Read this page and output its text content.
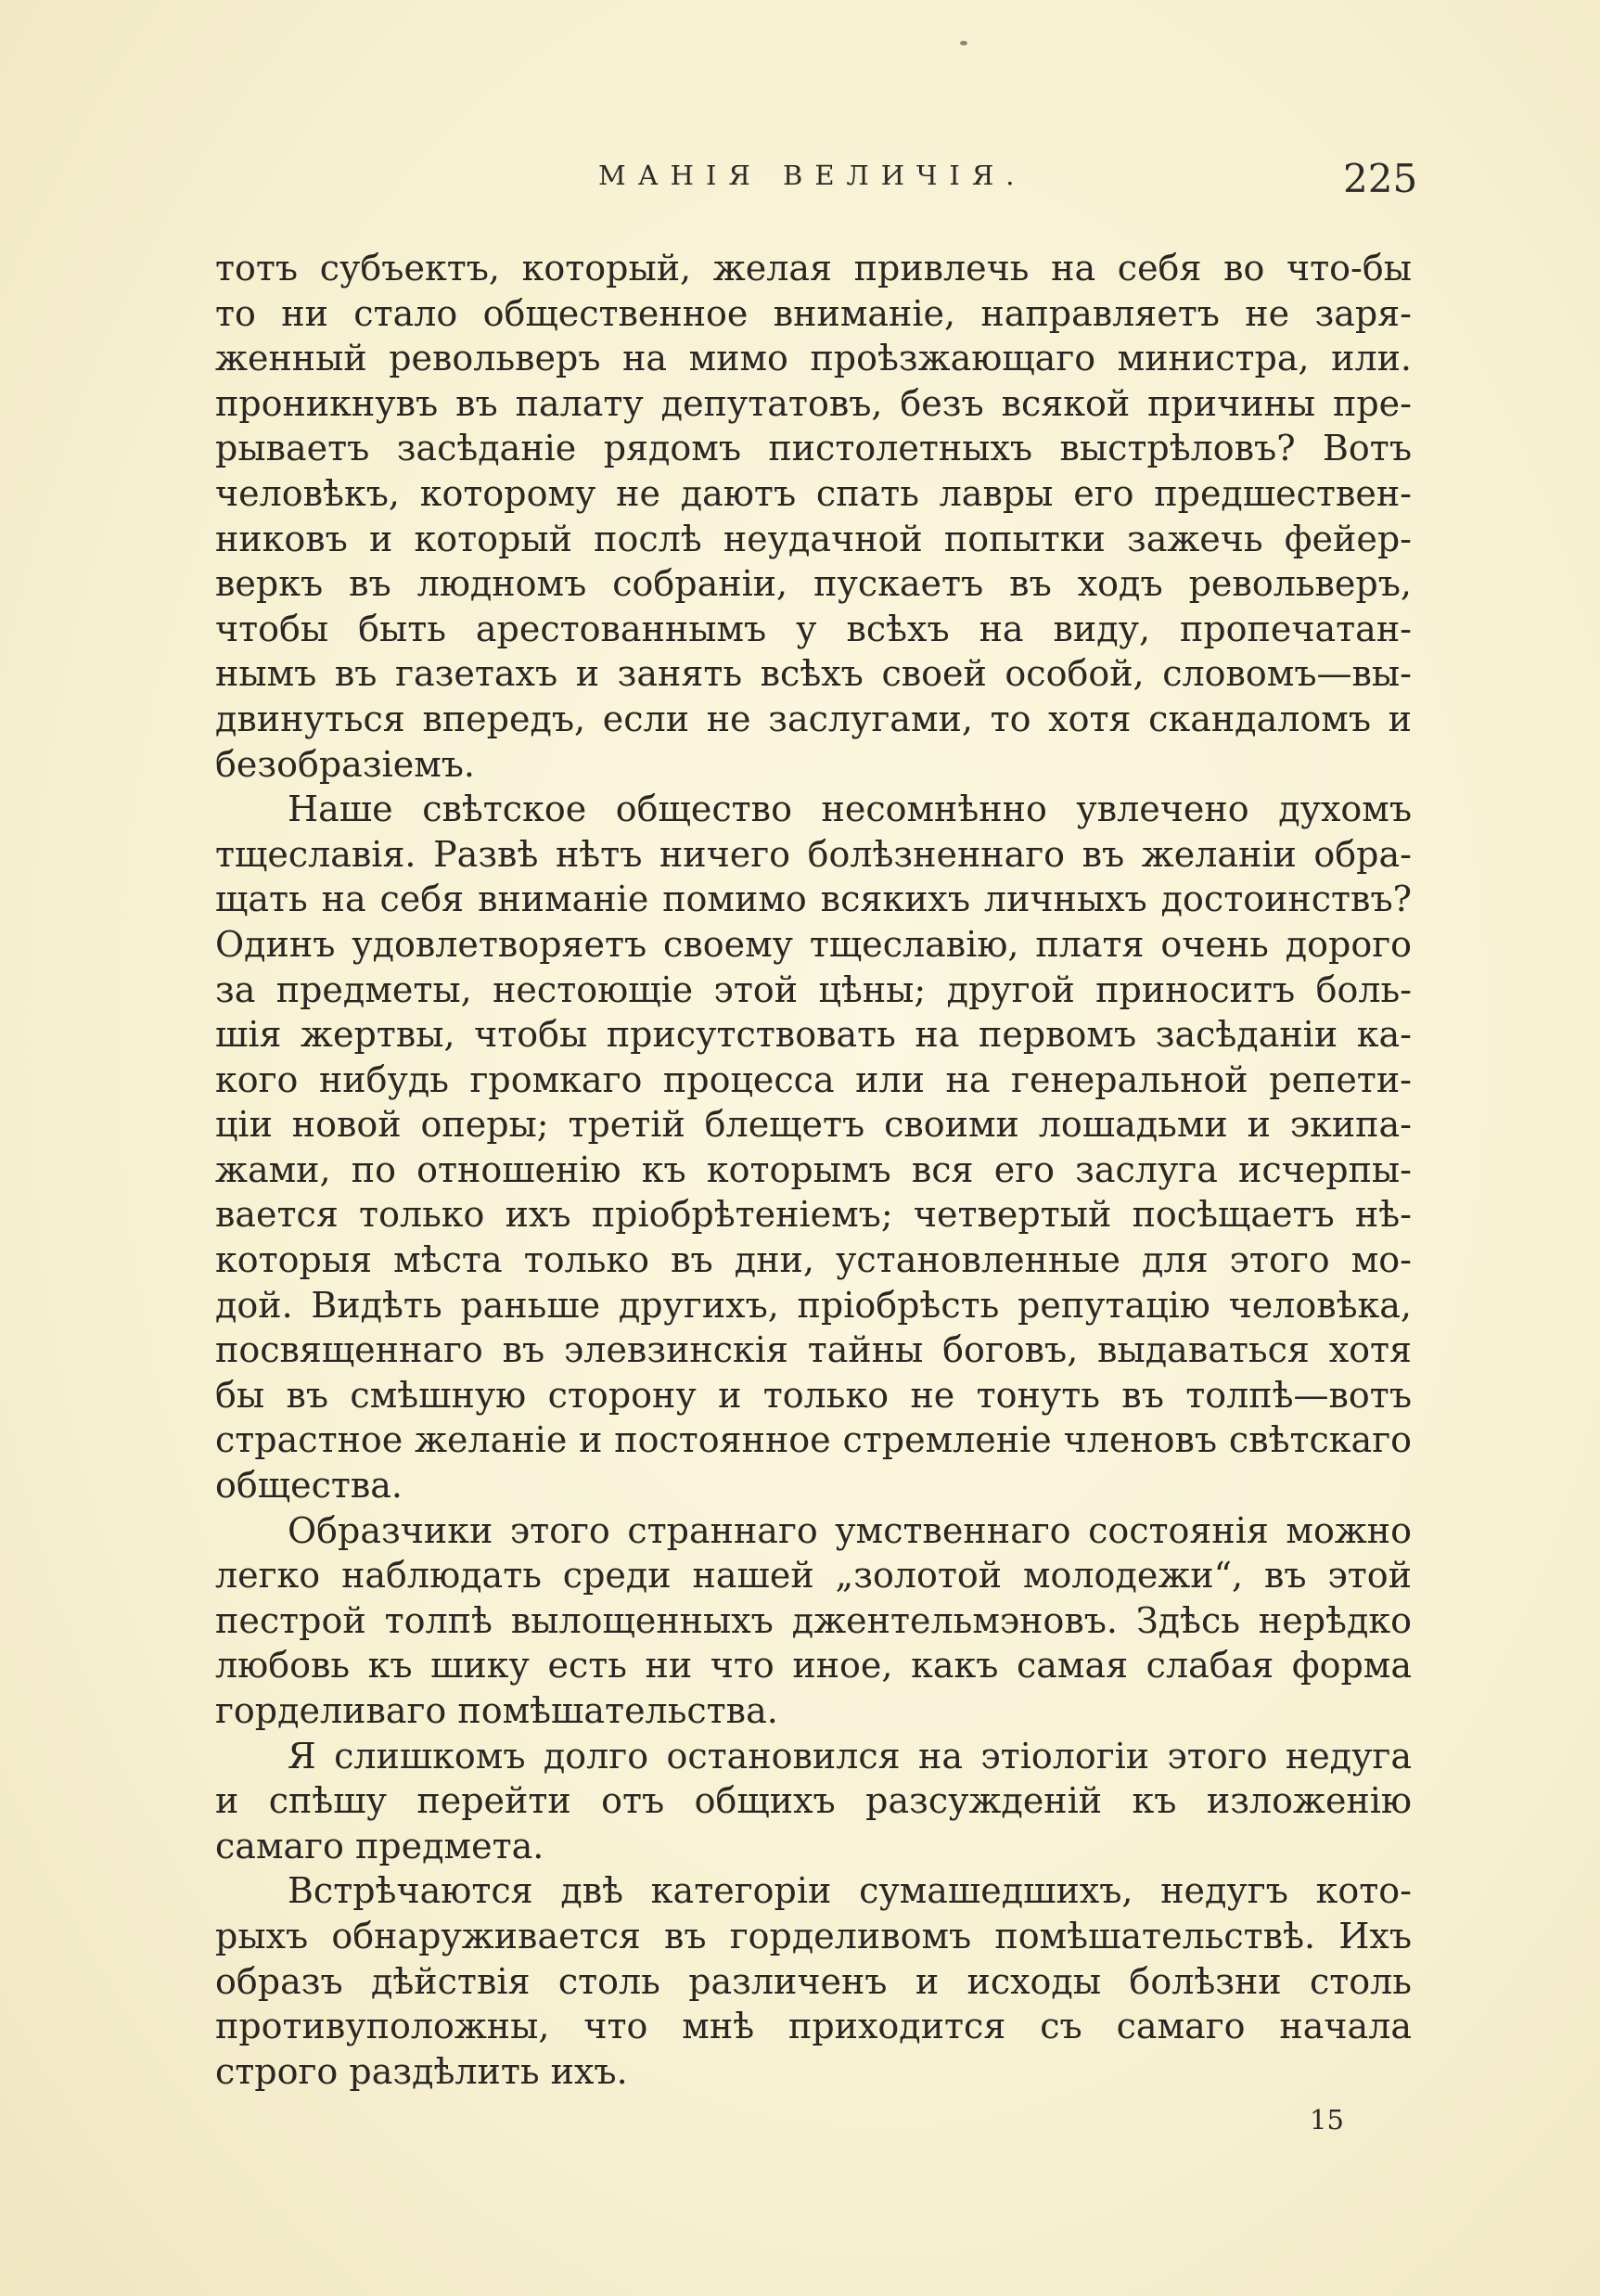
МАНІЯ ВЕЛИЧІЯ.	225
тотъ субъектъ, который, желая привлечь на себя во что-бы
то ни стало общественное вниманіе, направляетъ не заря-
женный револьверъ на мимо проѣзжающаго министра, или.
проникнувъ въ палату депутатовъ, безъ всякой причины пре-
рываетъ засѣданіе рядомъ пистолетныхъ выстрѣловъ? Вотъ
человѣкъ, которому не даютъ спать лавры его предшествен-
никовъ и который послѣ неудачной попытки зажечь фейер-
веркъ въ людномъ собраніи, пускаетъ въ ходъ револьверъ,
чтобы быть арестованнымъ у всѣхъ на виду, пропечатан-
нымъ въ газетахъ и занять всѣхъ своей особой, словомъ—вы-
двинуться впередъ, если не заслугами, то хотя скандаломъ и
безобразіемъ.
Наше свѣтское общество несомнѣнно увлечено духомъ
тщеславія. Развѣ нѣтъ ничего болѣзненнаго въ желаніи обра-
щать на себя вниманіе помимо всякихъ личныхъ достоинствъ?
Одинъ удовлетворяетъ своему тщеславію, платя очень дорого
за предметы, нестоющіе этой цѣны; другой приноситъ боль-
шія жертвы, чтобы присутствовать на первомъ засѣданіи ка-
кого нибудь громкаго процесса или на генеральной репети-
ціи новой оперы; третій блещетъ своими лошадьми и экипа-
жами, по отношенію къ которымъ вся его заслуга исчерпы-
вается только ихъ пріобрѣтеніемъ; четвертый посѣщаетъ нѣ-
которыя мѣста только въ дни, установленные для этого мо-
дой. Видѣть раньше другихъ, пріобрѣсть репутацію человѣка,
посвященнаго въ элевзинскія тайны боговъ, выдаваться хотя
бы въ смѣшную сторону и только не тонуть въ толпѣ—вотъ
страстное желаніе и постоянное стремленіе членовъ свѣтскаго
общества.
Образчики этого страннаго умственнаго состоянія можно
легко наблюдать среди нашей „золотой молодежи“, въ этой
пестрой толпѣ вылощенныхъ джентельмэновъ. Здѣсь нерѣдко
любовь къ шику есть ни что иное, какъ самая слабая форма
горделиваго помѣшательства.
Я слишкомъ долго остановился на этіологіи этого недуга
и спѣшу перейти отъ общихъ разсужденій къ изложенію
самаго предмета.
Встрѣчаются двѣ категоріи сумашедшихъ, недугъ кото-
рыхъ обнаруживается въ горделивомъ помѣшательствѣ. Ихъ
образъ дѣйствія столь различенъ и исходы болѣзни столь
противуположны, что мнѣ приходится съ самаго начала
строго раздѣлить ихъ.
15
